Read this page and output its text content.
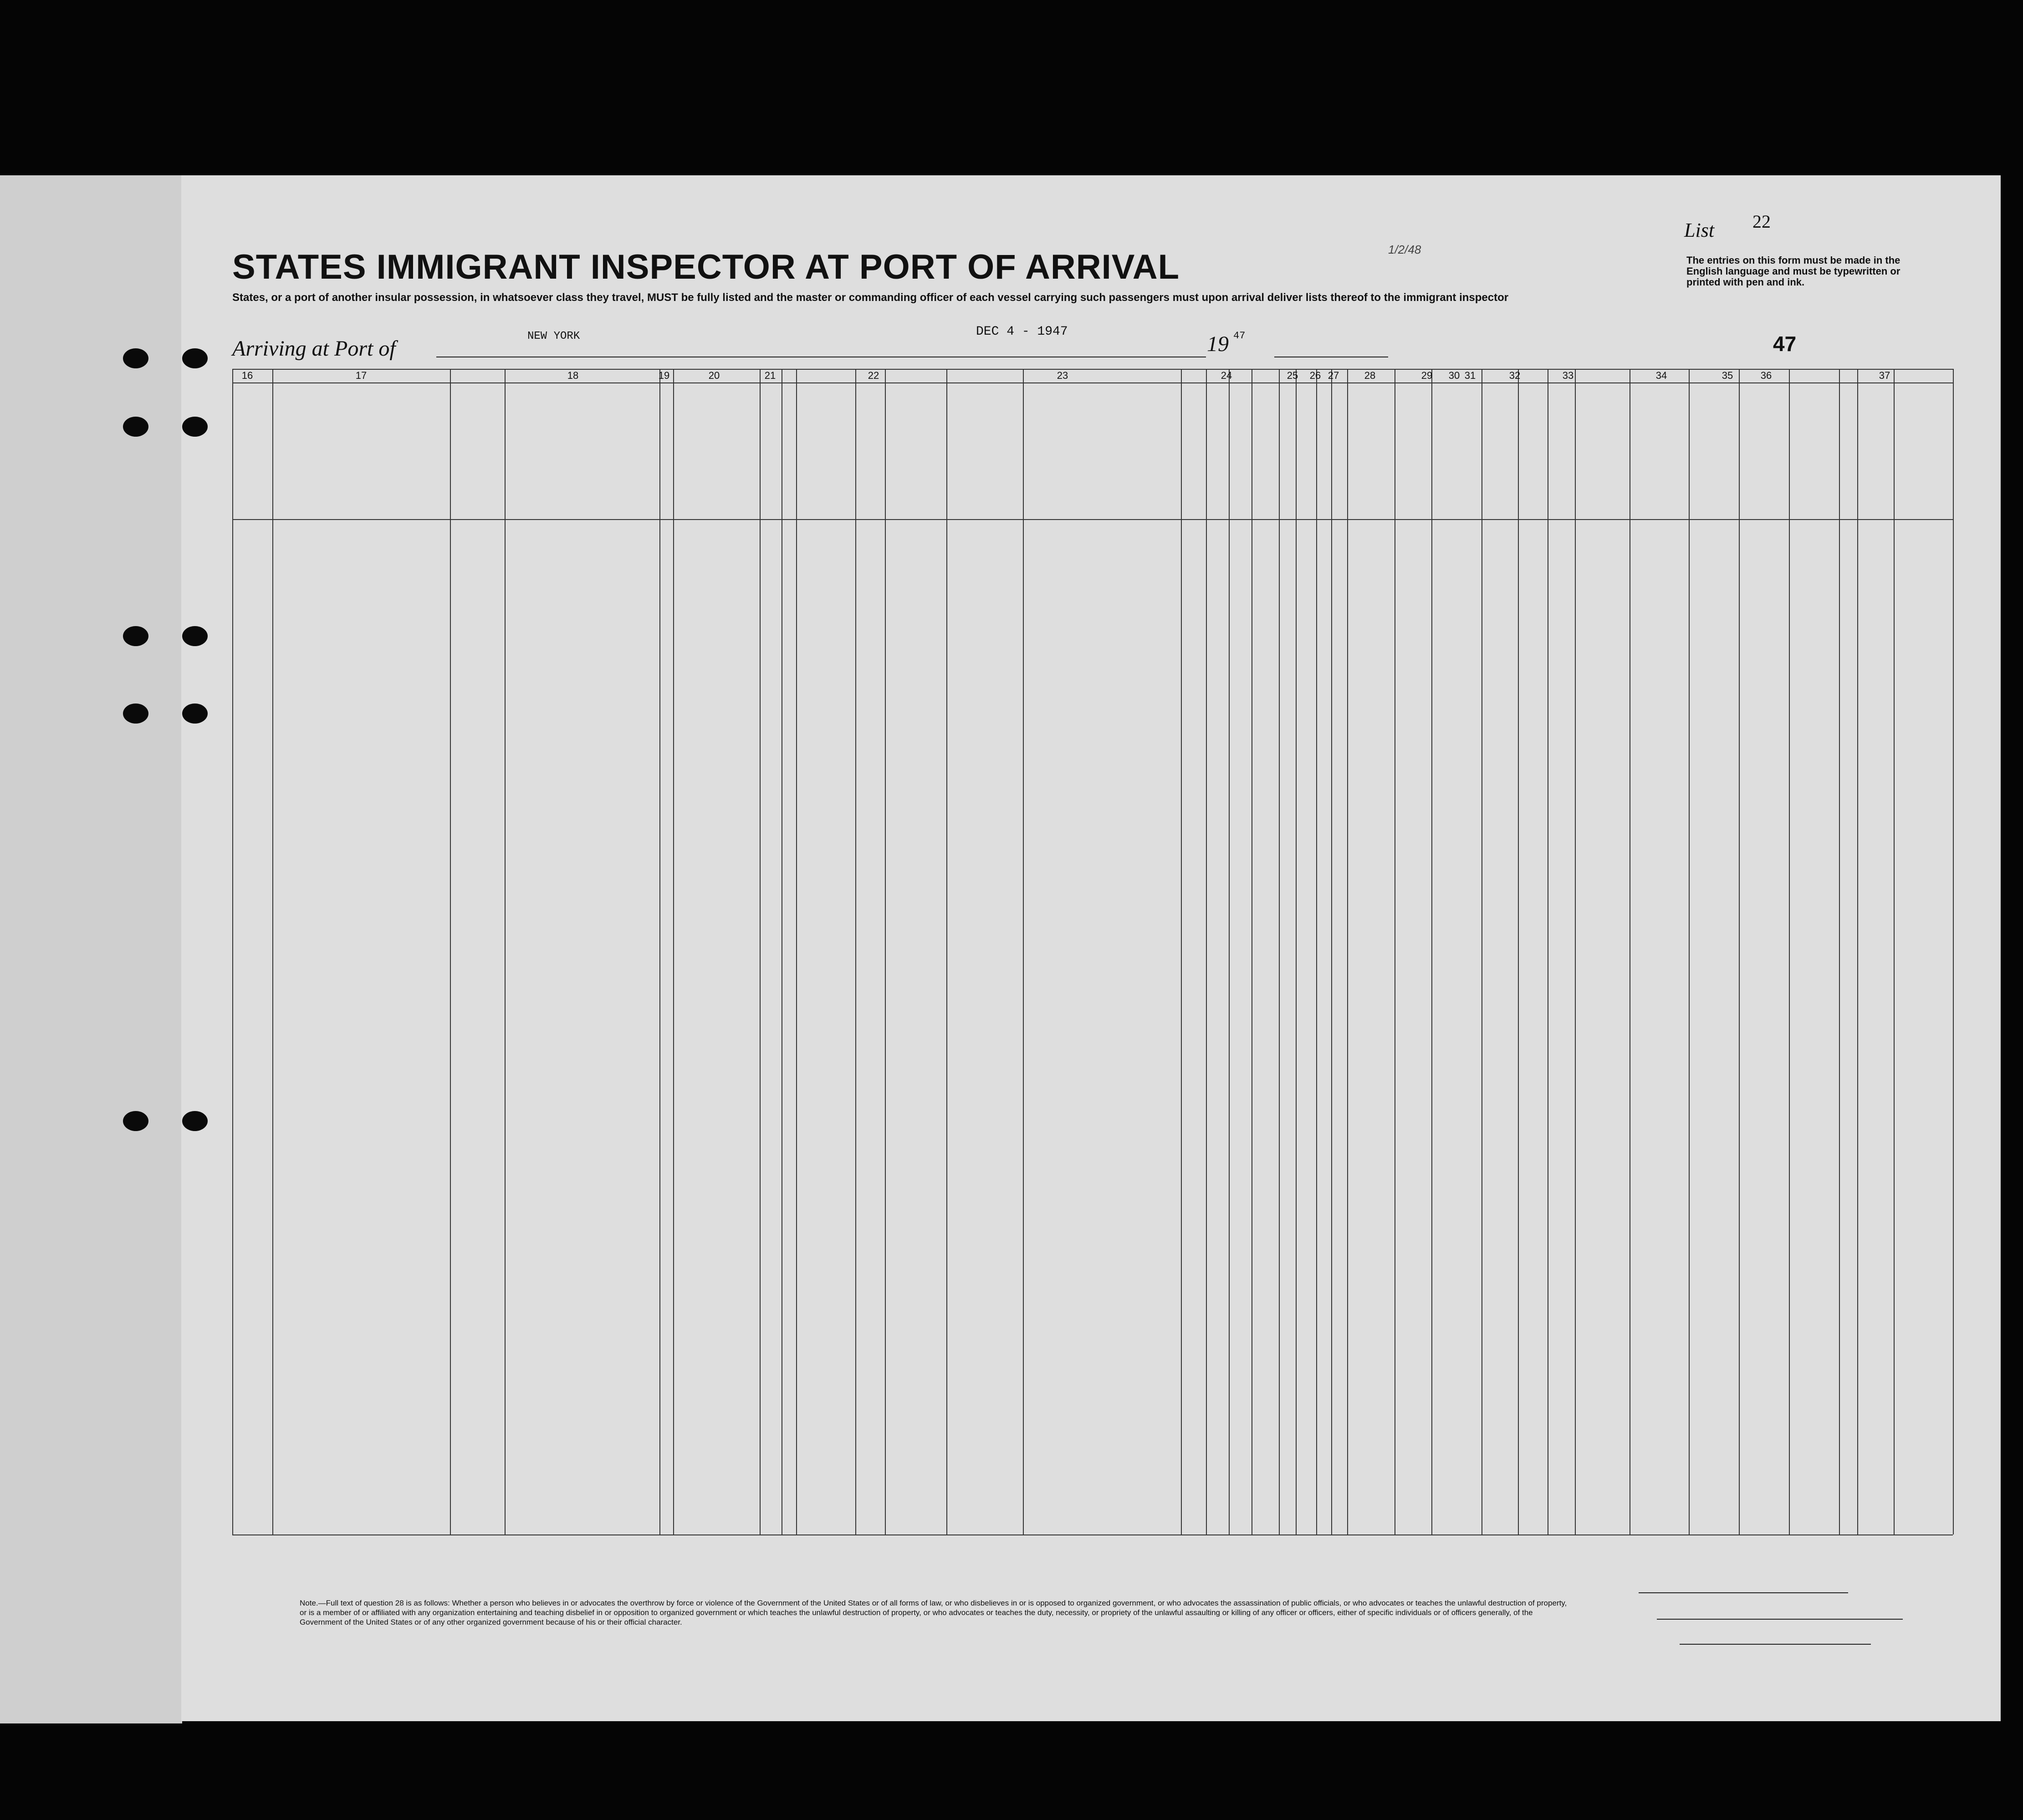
STATES IMMIGRANT INSPECTOR AT PORT OF ARRIVAL
States, or a port of another insular possession, in whatsoever class they travel, MUST be fully listed and the master or commanding officer of each vessel carrying such passengers must upon arrival deliver lists thereof to the immigrant inspector
List 22
The entries on this form must be made in the English language and must be typewritten or printed with pen and ink.
1/2/48
Arriving at Port of
NEW YORK	DEC 4 - 1947
19 47	47
16	17	18	19	20	21	22	23	24	25	26 27	28	29	30 31	32	33	34	35	36	37
Note.—Full text of question 28 is as follows: Whether a person who believes in or advocates the overthrow by force or violence of the Government of the United States or of all forms of law, or who disbelieves in or is opposed to organized government, or who advocates the assassination of public officials, or who advocates or teaches the unlawful destruction of property, or is a member of or affiliated with any organization entertaining and teaching disbelief in or opposition to organized government or which teaches the unlawful destruction of property, or who advocates or teaches the duty, necessity, or propriety of the unlawful assaulting or killing of any officer or officers, either of specific individuals or of officers generally, of the Government of the United States or of any other organized government because of his or their official character.
